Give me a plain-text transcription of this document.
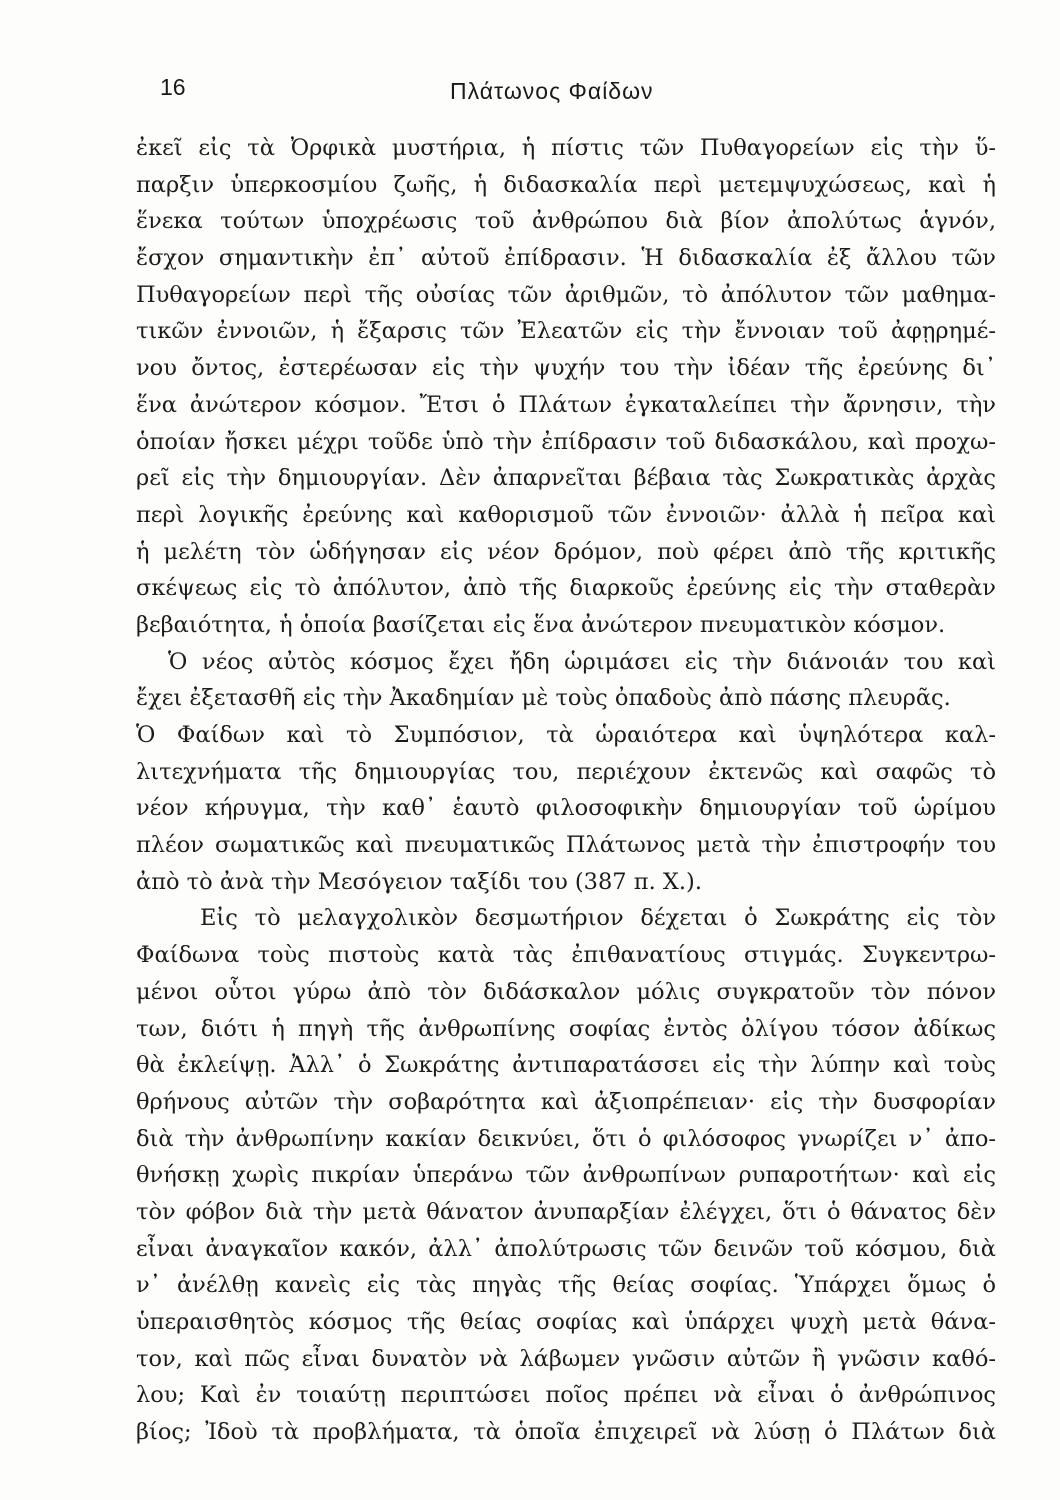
16	Πλάτωνος Φαίδων
ἐκεῖ εἰς τὰ Ὀρφικὰ μυστήρια, ἡ πίστις τῶν Πυθαγορείων εἰς τὴν ὕ-
παρξιν ὑπερκοσμίου ζωῆς, ἡ διδασκαλία περὶ μετεμψυχώσεως, καὶ ἡ
ἕνεκα τούτων ὑποχρέωσις τοῦ ἀνθρώπου διὰ βίον ἀπολύτως ἁγνόν,
ἔσχον σημαντικὴν ἐπ᾽ αὐτοῦ ἐπίδρασιν. Ἡ διδασκαλία ἐξ ἄλλου τῶν
Πυθαγορείων περὶ τῆς οὐσίας τῶν ἀριθμῶν, τὸ ἀπόλυτον τῶν μαθημα-
τικῶν ἐννοιῶν, ἡ ἔξαρσις τῶν Ἐλεατῶν εἰς τὴν ἔννοιαν τοῦ ἀφῃρημέ-
νου ὄντος, ἐστερέωσαν εἰς τὴν ψυχήν του τὴν ἰδέαν τῆς ἐρεύνης δι᾽
ἕνα ἀνώτερον κόσμον. Ἔτσι ὁ Πλάτων ἐγκαταλείπει τὴν ἄρνησιν, τὴν
ὁποίαν ἤσκει μέχρι τοῦδε ὑπὸ τὴν ἐπίδρασιν τοῦ διδασκάλου, καὶ προχω-
ρεῖ εἰς τὴν δημιουργίαν. Δὲν ἀπαρνεῖται βέβαια τὰς Σωκρατικὰς ἀρχὰς
περὶ λογικῆς ἐρεύνης καὶ καθορισμοῦ τῶν ἐννοιῶν· ἀλλὰ ἡ πεῖρα καὶ
ἡ μελέτη τὸν ὡδήγησαν εἰς νέον δρόμον, ποὺ φέρει ἀπὸ τῆς κριτικῆς
σκέψεως εἰς τὸ ἀπόλυτον, ἀπὸ τῆς διαρκοῦς ἐρεύνης εἰς τὴν σταθερὰν
βεβαιότητα, ἡ ὁποία βασίζεται εἰς ἕνα ἀνώτερον πνευματικὸν κόσμον.
Ὁ νέος αὐτὸς κόσμος ἔχει ἤδη ὡριμάσει εἰς τὴν διάνοιάν του καὶ
ἔχει ἐξετασθῆ εἰς τὴν Ἀκαδημίαν μὲ τοὺς ὀπαδοὺς ἀπὸ πάσης πλευρᾶς.
Ὁ Φαίδων καὶ τὸ Συμπόσιον, τὰ ὡραιότερα καὶ ὑψηλότερα καλ-
λιτεχνήματα τῆς δημιουργίας του, περιέχουν ἐκτενῶς καὶ σαφῶς τὸ
νέον κήρυγμα, τὴν καθ᾽ ἑαυτὸ φιλοσοφικὴν δημιουργίαν τοῦ ὡρίμου
πλέον σωματικῶς καὶ πνευματικῶς Πλάτωνος μετὰ τὴν ἐπιστροφήν του
ἀπὸ τὸ ἀνὰ τὴν Μεσόγειον ταξίδι του (387 π. Χ.).
Εἰς τὸ μελαγχολικὸν δεσμωτήριον δέχεται ὁ Σωκράτης εἰς τὸν
Φαίδωνα τοὺς πιστοὺς κατὰ τὰς ἐπιθανατίους στιγμάς. Συγκεντρω-
μένοι οὗτοι γύρω ἀπὸ τὸν διδάσκαλον μόλις συγκρατοῦν τὸν πόνον
των, διότι ἡ πηγὴ τῆς ἀνθρωπίνης σοφίας ἐντὸς ὀλίγου τόσον ἀδίκως
θὰ ἐκλείψῃ. Ἀλλ᾽ ὁ Σωκράτης ἀντιπαρατάσσει εἰς τὴν λύπην καὶ τοὺς
θρήνους αὐτῶν τὴν σοβαρότητα καὶ ἀξιοπρέπειαν· εἰς τὴν δυσφορίαν
διὰ τὴν ἀνθρωπίνην κακίαν δεικνύει, ὅτι ὁ φιλόσοφος γνωρίζει ν᾽ ἀπο-
θνήσκῃ χωρὶς πικρίαν ὑπεράνω τῶν ἀνθρωπίνων ρυπαροτήτων· καὶ εἰς
τὸν φόβον διὰ τὴν μετὰ θάνατον ἀνυπαρξίαν ἐλέγχει, ὅτι ὁ θάνατος δὲν
εἶναι ἀναγκαῖον κακόν, ἀλλ᾽ ἀπολύτρωσις τῶν δεινῶν τοῦ κόσμου, διὰ
ν᾽ ἀνέλθῃ κανεὶς εἰς τὰς πηγὰς τῆς θείας σοφίας. Ὑπάρχει ὅμως ὁ
ὑπεραισθητὸς κόσμος τῆς θείας σοφίας καὶ ὑπάρχει ψυχὴ μετὰ θάνα-
τον, καὶ πῶς εἶναι δυνατὸν νὰ λάβωμεν γνῶσιν αὐτῶν ἢ γνῶσιν καθό-
λου; Καὶ ἐν τοιαύτῃ περιπτώσει ποῖος πρέπει νὰ εἶναι ὁ ἀνθρώπινος
βίος; Ἰδοὺ τὰ προβλήματα, τὰ ὁποῖα ἐπιχειρεῖ νὰ λύσῃ ὁ Πλάτων διὰ
